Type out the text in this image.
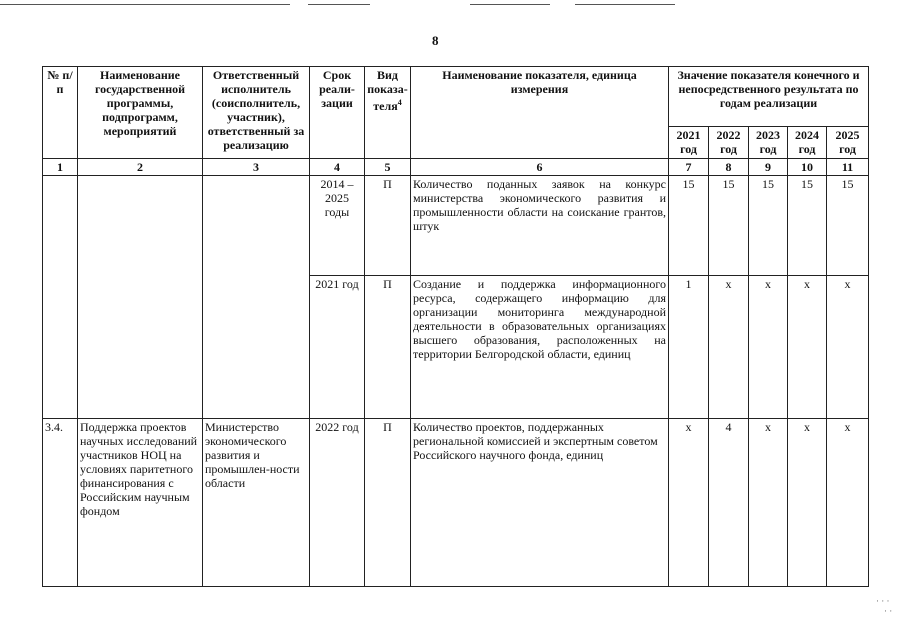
8
№ п/п	Наименование государственной программы, подпрограмм, мероприятий	Ответственный исполнитель (соисполнитель, участник), ответственный за реализацию	Срок реали-зации	Вид показа-теля$^4$	Наименование показателя, единица измерения	Значение показателя конечного и непосредственного результата по годам реализации				
						2021 год	2022 год	2023 год	2024 год	2025 год
1	2	3	4	5	6	7	8	9	10	11
			2014 – 2025 годы	П	Количество поданных заявок на конкурс министерства экономического развития и промышленности области на соискание грантов, штук	15	15	15	15	15
			2021 год	П	Создание и поддержка информационного ресурса, содержащего информацию для организации мониторинга международной деятельности в образовательных организациях высшего образования, расположенных на территории Белгородской области, единиц	1	х	х	х	х
3.4.	Поддержка проектов научных исследований участников НОЦ на условиях паритетного финансирования с Российским научным фондом	Министерство экономического развития и промышлен-ности области	2022 год	П	Количество проектов, поддержанных региональной комиссией и экспертным советом Российского научного фонда, единиц	х	4	х	х	х
· · ·
· ·
